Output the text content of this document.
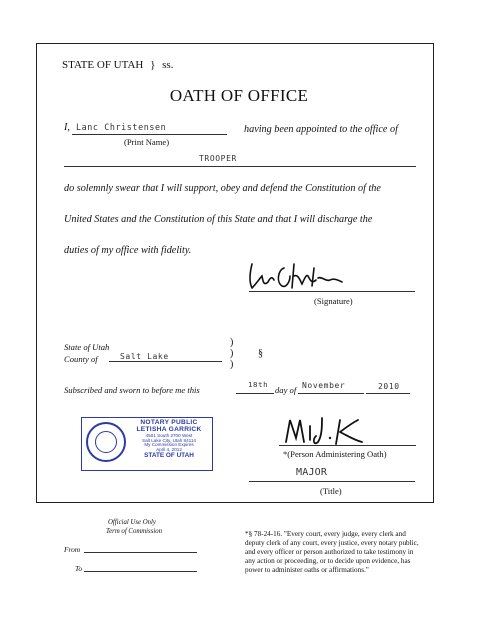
STATE OF UTAH } ss.
OATH OF OFFICE
I, Lanc Christensen
(Print Name)
having been appointed to the office of
TROOPER
do solemnly swear that I will support, obey and defend the Constitution of the
United States and the Constitution of this State and that I will discharge the
duties of my office with fidelity.
(Signature)
State of Utah
County of	Salt Lake
)
)
)
§
Subscribed and sworn to before me this
18th
day of November	2010
NOTARY PUBLIC
LETISHA GARRICK
4501 South 2700 West
Salt Lake City, Utah 84114
My Commission Expires
April 4, 2012
STATE OF UTAH	*(Person Administering Oath)
MAJOR
(Title)
Official Use Only
Term of Commission
From
To
*§ 78-24-16. "Every court, every judge, every clerk and
deputy clerk of any court, every justice, every notary public,
and every officer or person authorized to take testimony in
any action or proceeding, or to decide upon evidence, has
power to administer oaths or affirmations."
